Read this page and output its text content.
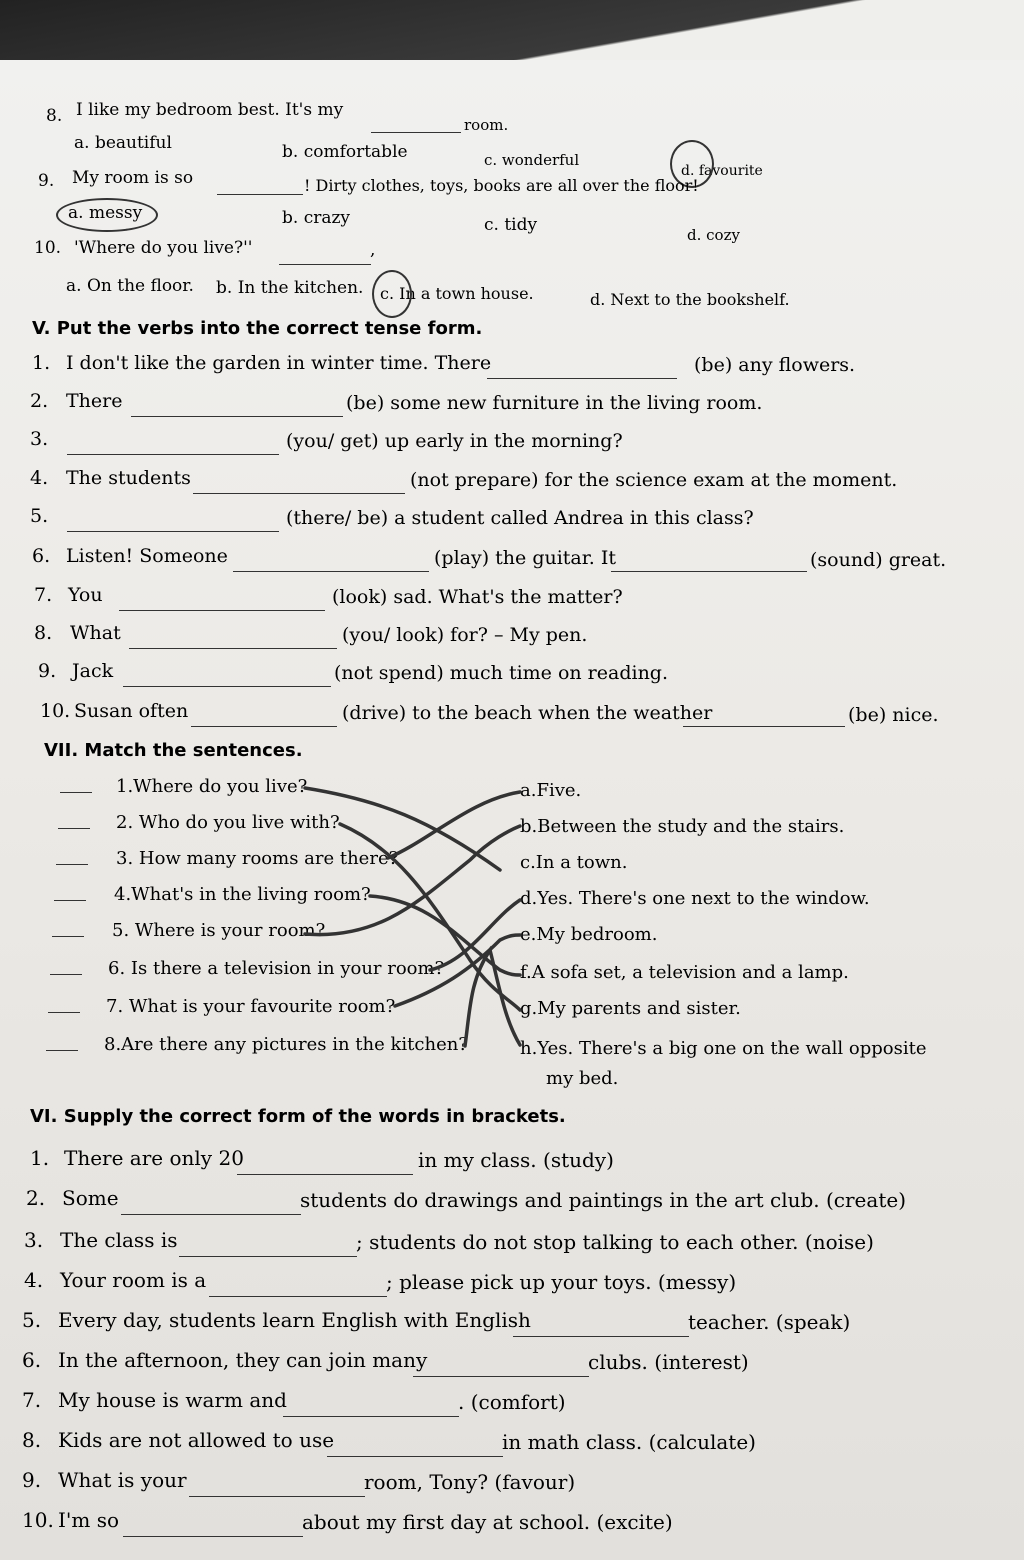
8. I like my bedroom best. It's my
room.
a. beautiful	b. comfortable	c. wonderful
d. favourite
9. My room is so	! Dirty clothes, toys, books are all over the floor!
a. messy	b. crazy	c. tidy	d. cozy
10. 'Where do you live?''	,
a. On the floor. b. In the kitchen. c. In a town house.	d. Next to the bookshelf.
V. Put the verbs into the correct tense form.
1. I don't like the garden in winter time. There	(be) any flowers.
2. There	(be) some new furniture in the living room.
3.	(you/ get) up early in the morning?
4. The students	(not prepare) for the science exam at the moment.
5.	(there/ be) a student called Andrea in this class?
6. Listen! Someone	(play) the guitar. It	(sound) great.
7. You	(look) sad. What's the matter?
8. What	(you/ look) for? – My pen.
9. Jack	(not spend) much time on reading.
10. Susan often	(drive) to the beach when the weather	(be) nice.
VII. Match the sentences.
1.Where do you live?
2. Who do you live with?
3. How many rooms are there?
4.What's in the living room?
5. Where is your room?
6. Is there a television in your room?
7. What is your favourite room?
8.Are there any pictures in the kitchen?
a.Five.
b.Between the study and the stairs.
c.In a town.
d.Yes. There's one next to the window.
e.My bedroom.
f.A sofa set, a television and a lamp.
g.My parents and sister.
h.Yes. There's a big one on the wall opposite
my bed.
VI. Supply the correct form of the words in brackets.
1. There are only 20	in my class. (study)
2. Some	students do drawings and paintings in the art club. (create)
3. The class is	; students do not stop talking to each other. (noise)
4. Your room is a	; please pick up your toys. (messy)
5. Every day, students learn English with English	teacher. (speak)
6. In the afternoon, they can join many	clubs. (interest)
7. My house is warm and	. (comfort)
8. Kids are not allowed to use	in math class. (calculate)
9. What is your	room, Tony? (favour)
10. I'm so	about my first day at school. (excite)
